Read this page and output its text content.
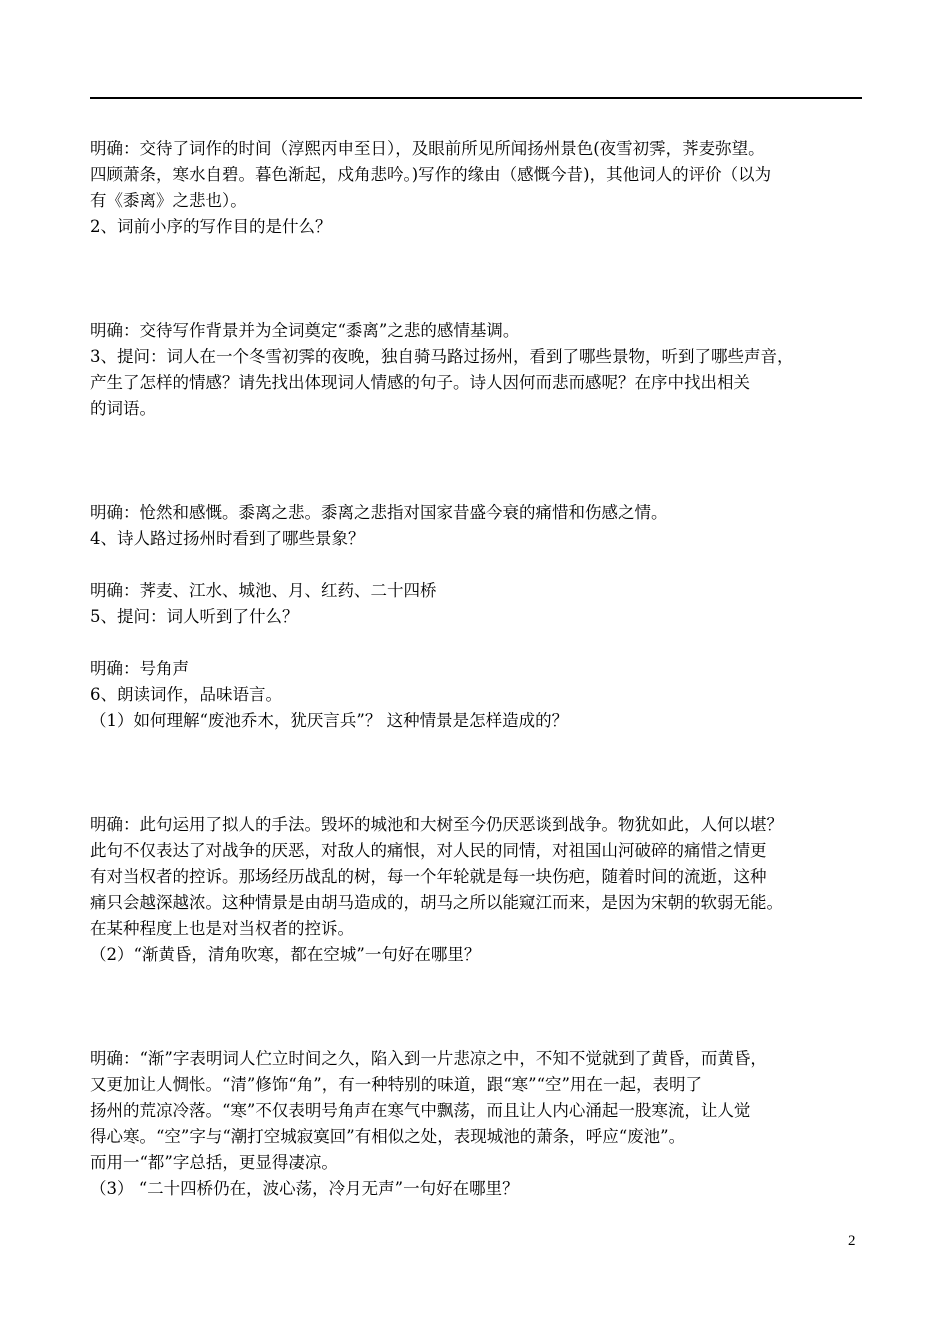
明确：交待了词作的时间（淳熙丙申至日），及眼前所见所闻扬州景色(夜雪初霁，荠麦弥望。

四顾萧条，寒水自碧。暮色渐起，戍角悲吟。)写作的缘由（感慨今昔)，其他词人的评价（以为

有《黍离》之悲也）。

2、词前小序的写作目的是什么？

明确：交待写作背景并为全词奠定“黍离”之悲的感情基调。

3、提问：词人在一个冬雪初霁的夜晚，独自骑马路过扬州，看到了哪些景物，听到了哪些声音，

产生了怎样的情感？请先找出体现词人情感的句子。诗人因何而悲而感呢？在序中找出相关

的词语。

明确：怆然和感慨。黍离之悲。黍离之悲指对国家昔盛今衰的痛惜和伤感之情。

4、诗人路过扬州时看到了哪些景象？

明确：荠麦、江水、城池、月、红药、二十四桥

5、提问：词人听到了什么？

明确：号角声

6、朗读词作，品味语言。

（1）如何理解“废池乔木，犹厌言兵”？ 这种情景是怎样造成的？

明确：此句运用了拟人的手法。毁坏的城池和大树至今仍厌恶谈到战争。物犹如此，人何以堪？

此句不仅表达了对战争的厌恶，对敌人的痛恨，对人民的同情，对祖国山河破碎的痛惜之情更

有对当权者的控诉。那场经历战乱的树，每一个年轮就是每一块伤疤，随着时间的流逝，这种

痛只会越深越浓。这种情景是由胡马造成的，胡马之所以能窥江而来，是因为宋朝的软弱无能。

在某种程度上也是对当权者的控诉。

（2）“渐黄昏，清角吹寒，都在空城”一句好在哪里？

明确：“渐”字表明词人伫立时间之久，陷入到一片悲凉之中，不知不觉就到了黄昏，而黄昏，

又更加让人惆怅。“清”修饰“角”，有一种特别的味道，跟“寒”“空”用在一起，表明了

扬州的荒凉冷落。“寒”不仅表明号角声在寒气中飘荡，而且让人内心涌起一股寒流，让人觉

得心寒。“空”字与“潮打空城寂寞回”有相似之处，表现城池的萧条，呼应“废池”。

而用一“都”字总括，更显得凄凉。

（3） “二十四桥仍在，波心荡，冷月无声”一句好在哪里？

2
